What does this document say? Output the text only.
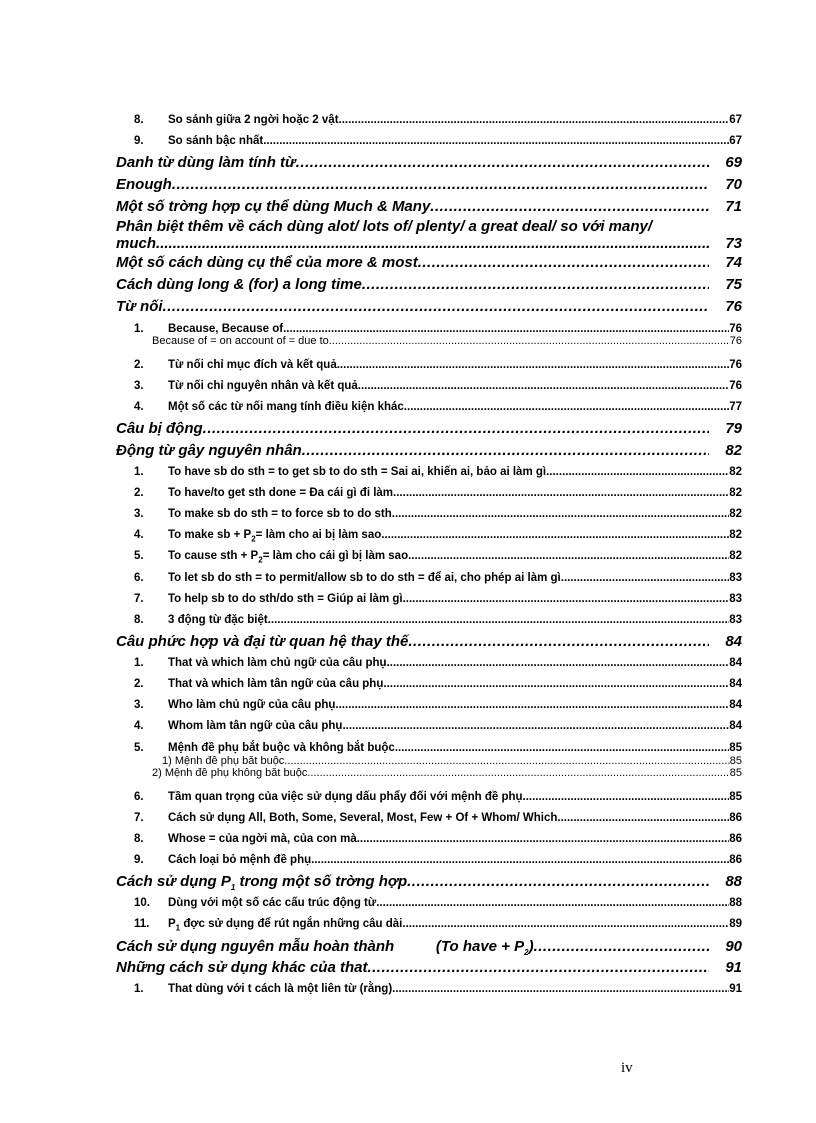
8.	So sánh giữa 2 ngời hoặc 2 vật .....	67
9.	So sánh bậc nhất .....	67
Danh từ dùng làm tính từ .....	69
Enough .....	70
Một số trờng hợp cụ thể dùng Much & Many .....	71
Phân biệt thêm về cách dùng alot/ lots of/ plenty/ a great deal/ so với many/
much. .....	73
Một số cách dùng cụ thể của more & most .....	74
Cách dùng long & (for) a long time .....	75
Từ nối .....	76
1.	Because, Because of .....	76
Because of = on account of = due to .....	76
2.	Từ nối chỉ mục đích và kết quả .....	76
3.	Từ nối chỉ nguyên nhân và kết quả .....	76
4.	Một số các từ nối mang tính điều kiện khác. .....	77
Câu bị động .....	79
Động từ gây nguyên nhân .....	82
1.	To have sb do sth = to get sb to do sth = Sai ai, khiến ai, bảo ai làm gì .....	82
2.	To have/to get sth done = Đa cái gì đi làm .....	82
3.	To make sb do sth = to force sb to do sth .....	82
4.	To make sb + $P_2=$ làm cho ai bị làm sao .....	82
5.	To cause sth + $P_2=$ làm cho cái gì bị làm sao .....	82
6.	To let sb do sth = to permit/allow sb to do sth = để ai, cho phép ai làm gì .....	83
7.	To help sb to do sth/do sth = Giúp ai làm gì .....	83
8.	3 động từ đặc biệt .....	83
Câu phức hợp và đại từ quan hệ thay thế .....	84
1.	That và which làm chủ ngữ của câu phụ .....	84
2.	That và which làm tân ngữ của câu phụ .....	84
3.	Who làm chủ ngữ của câu phụ .....	84
4.	Whom làm tân ngữ của câu phụ .....	84
5.	Mệnh đề phụ bắt buộc và không bắt buộc .....	85
1) Mệnh đề phụ bắt buộc. .....	85
2) Mệnh đề phụ không bắt buộc .....	85
6.	Tầm quan trọng của việc sử dụng dấu phẩy đối với mệnh đề phụ .....	85
7.	Cách sử dụng All, Both, Some, Several, Most, Few + Of + Whom/ Which .....	86
8.	Whose = của ngời mà, của con mà .....	86
9.	Cách loại bỏ mệnh đề phụ .....	86
Cách sử dụng $P_1$ trong một số trờng hợp .....	88
10.	Dùng với một số các cấu trúc động từ. .....	88
11.	$P_1$ đợc sử dụng để rút ngắn những câu dài .....	89
Cách sử dụng nguyên mẫu hoàn thành          (To have + $P_2$) .....	90
Những cách sử dụng khác của that .....	91
1.	That dùng với t cách là một liên từ (rằng) .....	91
iv
